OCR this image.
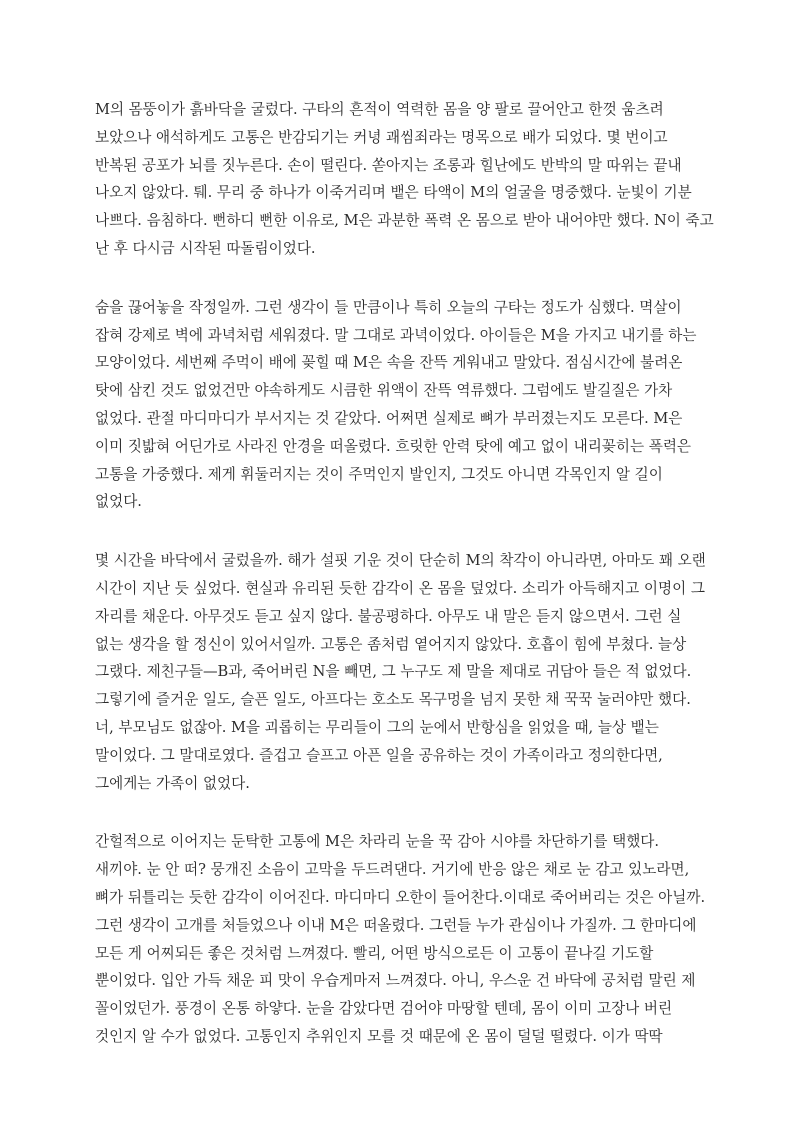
M의 몸뚱이가 흙바닥을 굴렀다. 구타의 흔적이 역력한 몸을 양 팔로 끌어안고 한껏 움츠려
보았으나 애석하게도 고통은 반감되기는 커녕 괘씸죄라는 명목으로 배가 되었다. 몇 번이고
반복된 공포가 뇌를 짓누른다. 손이 떨린다. 쏟아지는 조롱과 힐난에도 반박의 말 따위는 끝내
나오지 않았다. 퉤. 무리 중 하나가 이죽거리며 뱉은 타액이 M의 얼굴을 명중했다. 눈빛이 기분
나쁘다. 음침하다. 뻔하디 뻔한 이유로, M은 과분한 폭력 온 몸으로 받아 내어야만 했다. N이 죽고
난 후 다시금 시작된 따돌림이었다.
숨을 끊어놓을 작정일까. 그런 생각이 들 만큼이나 특히 오늘의 구타는 정도가 심했다. 멱살이
잡혀 강제로 벽에 과녁처럼 세워졌다. 말 그대로 과녁이었다. 아이들은 M을 가지고 내기를 하는
모양이었다. 세번째 주먹이 배에 꽂힐 때 M은 속을 잔뜩 게워내고 말았다. 점심시간에 불려온
탓에 삼킨 것도 없었건만 야속하게도 시큼한 위액이 잔뜩 역류했다. 그럼에도 발길질은 가차
없었다. 관절 마디마디가 부서지는 것 같았다. 어쩌면 실제로 뼈가 부러졌는지도 모른다. M은
이미 짓밟혀 어딘가로 사라진 안경을 떠올렸다. 흐릿한 안력 탓에 예고 없이 내리꽂히는 폭력은
고통을 가중했다. 제게 휘둘러지는 것이 주먹인지 발인지, 그것도 아니면 각목인지 알 길이
없었다.
몇 시간을 바닥에서 굴렀을까. 해가 설핏 기운 것이 단순히 M의 착각이 아니라면, 아마도 꽤 오랜
시간이 지난 듯 싶었다. 현실과 유리된 듯한 감각이 온 몸을 덮었다. 소리가 아득해지고 이명이 그
자리를 채운다. 아무것도 듣고 싶지 않다. 불공평하다. 아무도 내 말은 듣지 않으면서. 그런 실
없는 생각을 할 정신이 있어서일까. 고통은 좀처럼 옅어지지 않았다. 호흡이 힘에 부쳤다. 늘상
그랬다. 제친구들—B과, 죽어버린 N을 빼면, 그 누구도 제 말을 제대로 귀담아 들은 적 없었다.
그렇기에 즐거운 일도, 슬픈 일도, 아프다는 호소도 목구멍을 넘지 못한 채 꾹꾹 눌러야만 했다.
너, 부모님도 없잖아. M을 괴롭히는 무리들이 그의 눈에서 반항심을 읽었을 때, 늘상 뱉는
말이었다. 그 말대로였다. 즐겁고 슬프고 아픈 일을 공유하는 것이 가족이라고 정의한다면,
그에게는 가족이 없었다.
간헐적으로 이어지는 둔탁한 고통에 M은 차라리 눈을 꾹 감아 시야를 차단하기를 택했다.
새끼야. 눈 안 떠? 뭉개진 소음이 고막을 두드려댄다. 거기에 반응 않은 채로 눈 감고 있노라면,
뼈가 뒤틀리는 듯한 감각이 이어진다. 마디마디 오한이 들어찬다.이대로 죽어버리는 것은 아닐까.
그런 생각이 고개를 처들었으나 이내 M은 떠올렸다. 그런들 누가 관심이나 가질까. 그 한마디에
모든 게 어찌되든 좋은 것처럼 느껴졌다. 빨리, 어떤 방식으로든 이 고통이 끝나길 기도할
뿐이었다. 입안 가득 채운 피 맛이 우습게마저 느껴졌다. 아니, 우스운 건 바닥에 공처럼 말린 제
꼴이었던가. 풍경이 온통 하얗다. 눈을 감았다면 검어야 마땅할 텐데, 몸이 이미 고장나 버린
것인지 알 수가 없었다. 고통인지 추위인지 모를 것 때문에 온 몸이 덜덜 떨렸다. 이가 딱딱
